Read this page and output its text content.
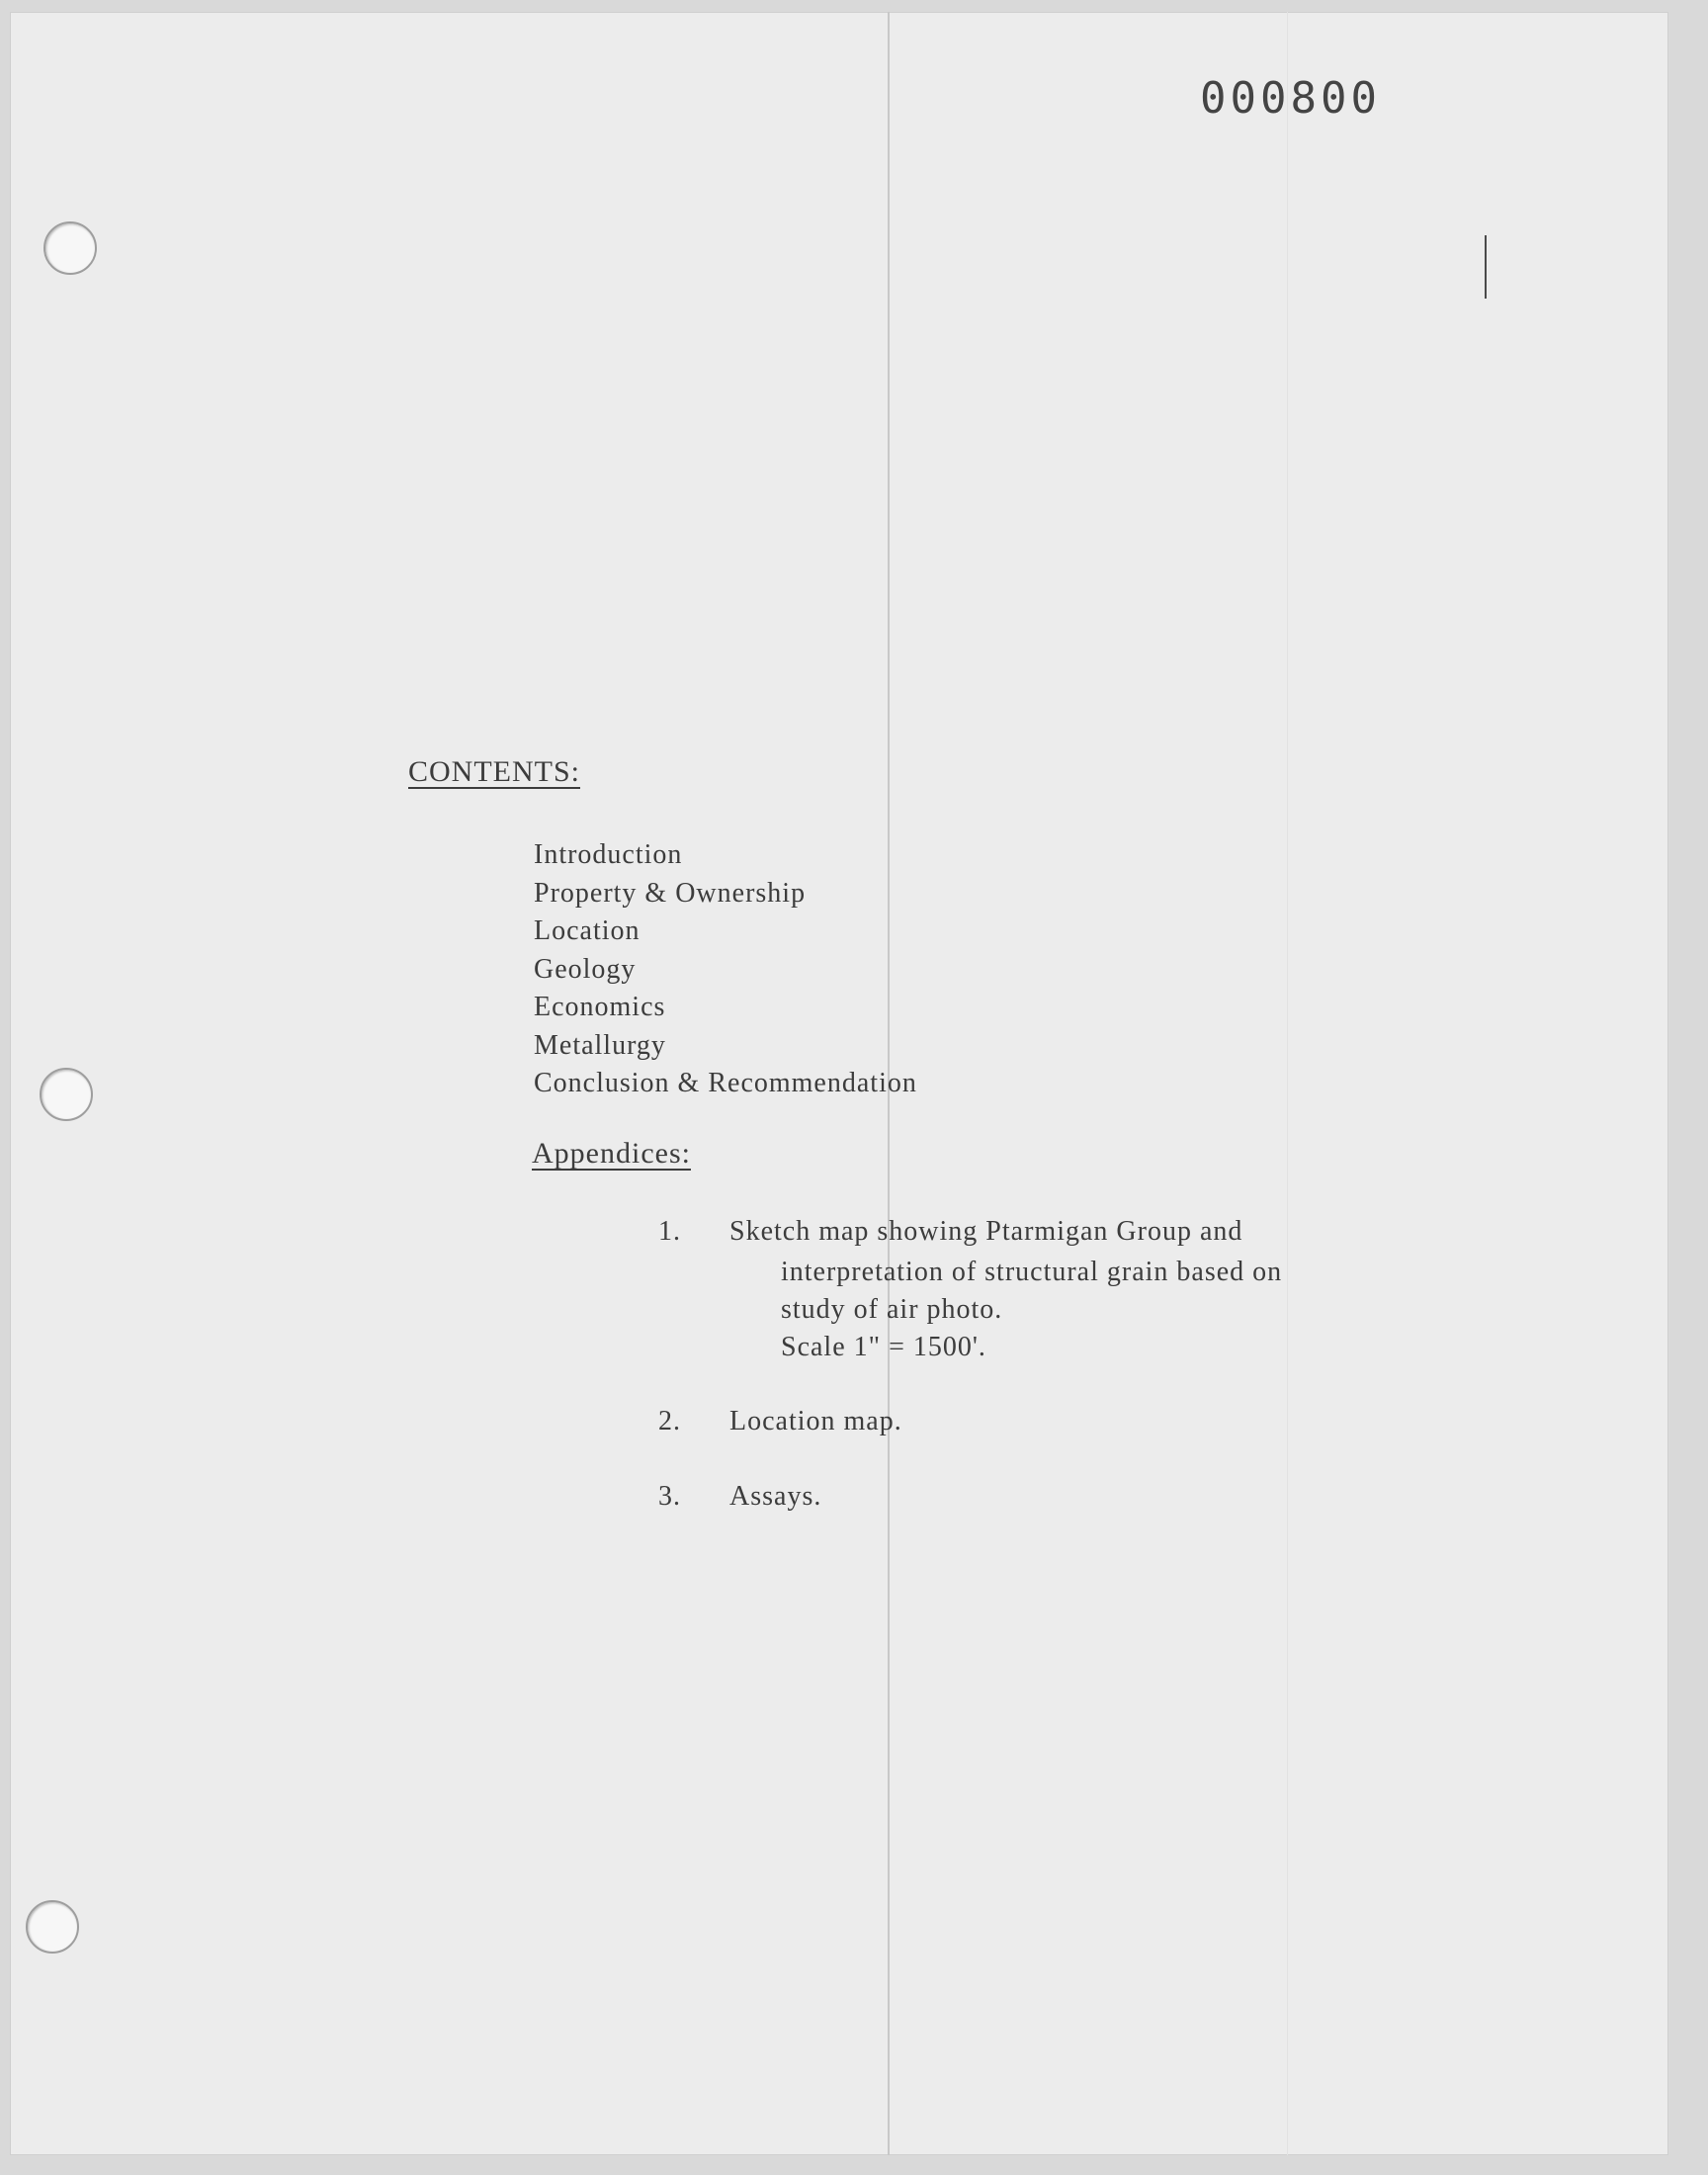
000800
CONTENTS:
Introduction
Property & Ownership
Location
Geology
Economics
Metallurgy
Conclusion & Recommendation
Appendices:
1. Sketch map showing Ptarmigan Group and
interpretation of structural grain based on
study of air photo.
Scale 1" = 1500'.
2. Location map.
3. Assays.
